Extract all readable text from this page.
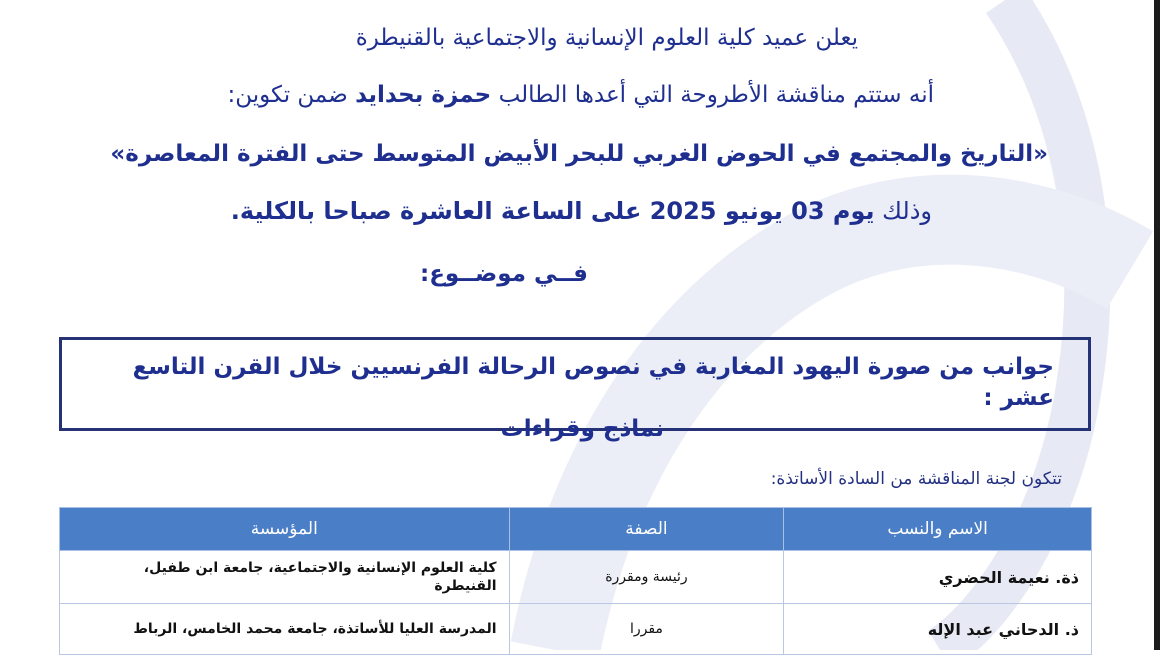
يعلن عميد كلية العلوم الإنسانية والاجتماعية بالقنيطرة
أنه ستتم مناقشة الأطروحة التي أعدها الطالب حمزة بحدايد ضمن تكوين:
«التاريخ والمجتمع في الحوض الغربي للبحر الأبيض المتوسط حتى الفترة المعاصرة»
وذلك يوم 03 يونيو 2025 على الساعة العاشرة صباحا بالكلية.
فــي موضــوع:
جوانب من صورة اليهود المغاربة في نصوص الرحالة الفرنسيين خلال القرن التاسع عشر :
نماذج وقراءات
تتكون لجنة المناقشة من السادة الأساتذة:
الاسم والنسب	الصفة	المؤسسة
ذة. نعيمة الحضري	رئيسة ومقررة	كلية العلوم الإنسانية والاجتماعية، جامعة ابن طفيل،
القنيطرة

ذ. الدحاني عبد الإله	مقررا	المدرسة العليا للأساتذة، جامعة محمد الخامس، الرباط
